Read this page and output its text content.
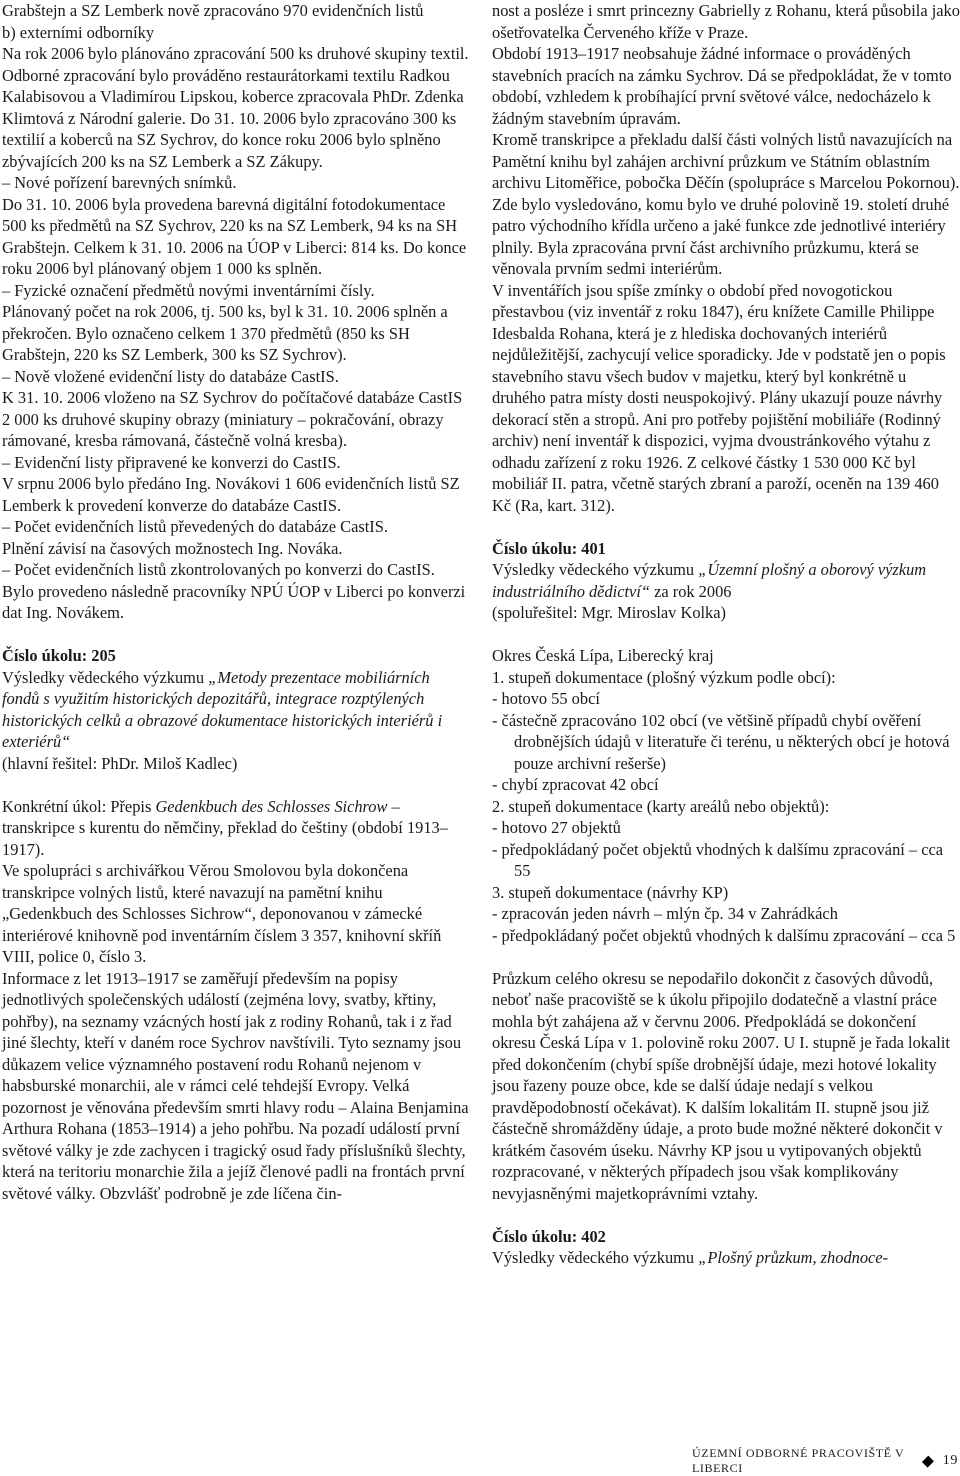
Grabštejn a SZ Lemberk nově zpracováno 970 evidenčních listů

b) externími odborníky

Na rok 2006 bylo plánováno zpracování 500 ks druhové skupiny textil. Odborné zpracování bylo prováděno restaurátorkami textilu Radkou Kalabisovou a Vladimírou Lipskou, koberce zpracovala PhDr. Zdenka Klimtová z Národní galerie. Do 31. 10. 2006 bylo zpracováno 300 ks textilií a koberců na SZ Sychrov, do konce roku 2006 bylo splněno zbývajících 200 ks na SZ Lemberk a SZ Zákupy.

– Nové pořízení barevných snímků.

Do 31. 10. 2006 byla provedena barevná digitální fotodokumentace 500 ks předmětů na SZ Sychrov, 220 ks na SZ Lemberk, 94 ks na SH Grabštejn. Celkem k 31. 10. 2006 na ÚOP v Liberci: 814 ks. Do konce roku 2006 byl plánovaný objem 1 000 ks splněn.

– Fyzické označení předmětů novými inventárními čísly.

Plánovaný počet na rok 2006, tj. 500 ks, byl k 31. 10. 2006 splněn a překročen. Bylo označeno celkem 1 370 předmětů (850 ks SH Grabštejn, 220 ks SZ Lemberk, 300 ks SZ Sychrov).

– Nově vložené evidenční listy do databáze CastIS.

K 31. 10. 2006 vloženo na SZ Sychrov do počítačové databáze CastIS 2 000 ks druhové skupiny obrazy (miniatury – pokračování, obrazy rámované, kresba rámovaná, částečně volná kresba).

– Evidenční listy připravené ke konverzi do CastIS.

V srpnu 2006 bylo předáno Ing. Novákovi 1 606 evidenčních listů SZ Lemberk k provedení konverze do databáze CastIS.

– Počet evidenčních listů převedených do databáze CastIS.

Plnění závisí na časových možnostech Ing. Nováka.

– Počet evidenčních listů zkontrolovaných po konverzi do CastIS.

Bylo provedeno následně pracovníky NPÚ ÚOP v Liberci po konverzi dat Ing. Novákem.

Číslo úkolu: 205

Výsledky vědeckého výzkumu „Metody prezentace mobiliárních fondů s využitím historických depozitářů, integrace rozptýlených historických celků a obrazové dokumentace historických interiérů i exteriérů“

(hlavní řešitel: PhDr. Miloš Kadlec)

Konkrétní úkol: Přepis Gedenkbuch des Schlosses Sichrow – transkripce s kurentu do němčiny, překlad do češtiny (období 1913–1917).

Ve spolupráci s archivářkou Věrou Smolovou byla dokončena transkripce volných listů, které navazují na pamětní knihu „Gedenkbuch des Schlosses Sichrow“, deponovanou v zámecké interiérové knihovně pod inventárním číslem 3 357, knihovní skříň VIII, police 0, číslo 3.

Informace z let 1913–1917 se zaměřují především na popisy jednotlivých společenských událostí (zejména lovy, svatby, křtiny, pohřby), na seznamy vzácných hostí jak z rodiny Rohanů, tak i z řad jiné šlechty, kteří v daném roce Sychrov navštívili. Tyto seznamy jsou důkazem velice významného postavení rodu Rohanů nejenom v habsburské monarchii, ale v rámci celé tehdejší Evropy. Velká pozornost je věnována především smrti hlavy rodu – Alaina Benjamina Arthura Rohana (1853–1914) a jeho pohřbu. Na pozadí událostí první světové války je zde zachycen i tragický osud řady příslušníků šlechty, která na teritoriu monarchie žila a jejíž členové padli na frontách první světové války. Obzvlášť podrobně je zde líčena čin-

nost a posléze i smrt princezny Gabrielly z Rohanu, která působila jako ošetřovatelka Červeného kříže v Praze.

Období 1913–1917 neobsahuje žádné informace o prováděných stavebních pracích na zámku Sychrov. Dá se předpokládat, že v tomto období, vzhledem k probíhající první světové válce, nedocházelo k žádným stavebním úpravám.

Kromě transkripce a překladu další části volných listů navazujících na Pamětní knihu byl zahájen archivní průzkum ve Státním oblastním archivu Litoměřice, pobočka Děčín (spolupráce s Marcelou Pokornou). Zde bylo vysledováno, komu bylo ve druhé polovině 19. století druhé patro východního křídla určeno a jaké funkce zde jednotlivé interiéry plnily. Byla zpracována první část archivního průzkumu, která se věnovala prvním sedmi interiérům.

V inventářích jsou spíše zmínky o období před novogotickou přestavbou (viz inventář z roku 1847), éru knížete Camille Philippe Idesbalda Rohana, která je z hlediska dochovaných interiérů nejdůležitější, zachycují velice sporadicky. Jde v podstatě jen o popis stavebního stavu všech budov v majetku, který byl konkrétně u druhého patra místy dosti neuspokojivý. Plány ukazují pouze návrhy dekorací stěn a stropů. Ani pro potřeby pojištění mobiliáře (Rodinný archiv) není inventář k dispozici, vyjma dvoustránkového výtahu z odhadu zařízení z roku 1926. Z celkové částky 1 530 000 Kč byl mobiliář II. patra, včetně starých zbraní a paroží, oceněn na 139 460 Kč (Ra, kart. 312).

Číslo úkolu: 401

Výsledky vědeckého výzkumu „Územní plošný a oborový výzkum industriálního dědictví“ za rok 2006

(spoluřešitel: Mgr. Miroslav Kolka)

Okres Česká Lípa, Liberecký kraj

1. stupeň dokumentace (plošný výzkum podle obcí):

- hotovo 55 obcí

- částečně zpracováno 102 obcí (ve většině případů chybí ověření drobnějších údajů v literatuře či terénu, u některých obcí je hotová pouze archivní rešerše)

- chybí zpracovat 42 obcí

2. stupeň dokumentace (karty areálů nebo objektů):

- hotovo 27 objektů

- předpokládaný počet objektů vhodných k dalšímu zpracování – cca 55

3. stupeň dokumentace (návrhy KP)

- zpracován jeden návrh – mlýn čp. 34 v Zahrádkách

- předpokládaný počet objektů vhodných k dalšímu zpracování – cca 5

Průzkum celého okresu se nepodařilo dokončit z časových důvodů, neboť naše pracoviště se k úkolu připojilo dodatečně a vlastní práce mohla být zahájena až v červnu 2006. Předpokládá se dokončení okresu Česká Lípa v 1. polovině roku 2007. U I. stupně je řada lokalit před dokončením (chybí spíše drobnější údaje, mezi hotové lokality jsou řazeny pouze obce, kde se další údaje nedají s velkou pravděpodobností očekávat). K dalším lokalitám II. stupně jsou již částečně shromážděny údaje, a proto bude možné některé dokončit v krátkém časovém úseku. Návrhy KP jsou u vytipovaných objektů rozpracované, v některých případech jsou však komplikovány nevyjasněnými majetkoprávními vztahy.

Číslo úkolu: 402

Výsledky vědeckého výzkumu „Plošný průzkum, zhodnoce-

ÚZEMNÍ ODBORNÉ PRACOVIŠTĚ V LIBERCI	19
